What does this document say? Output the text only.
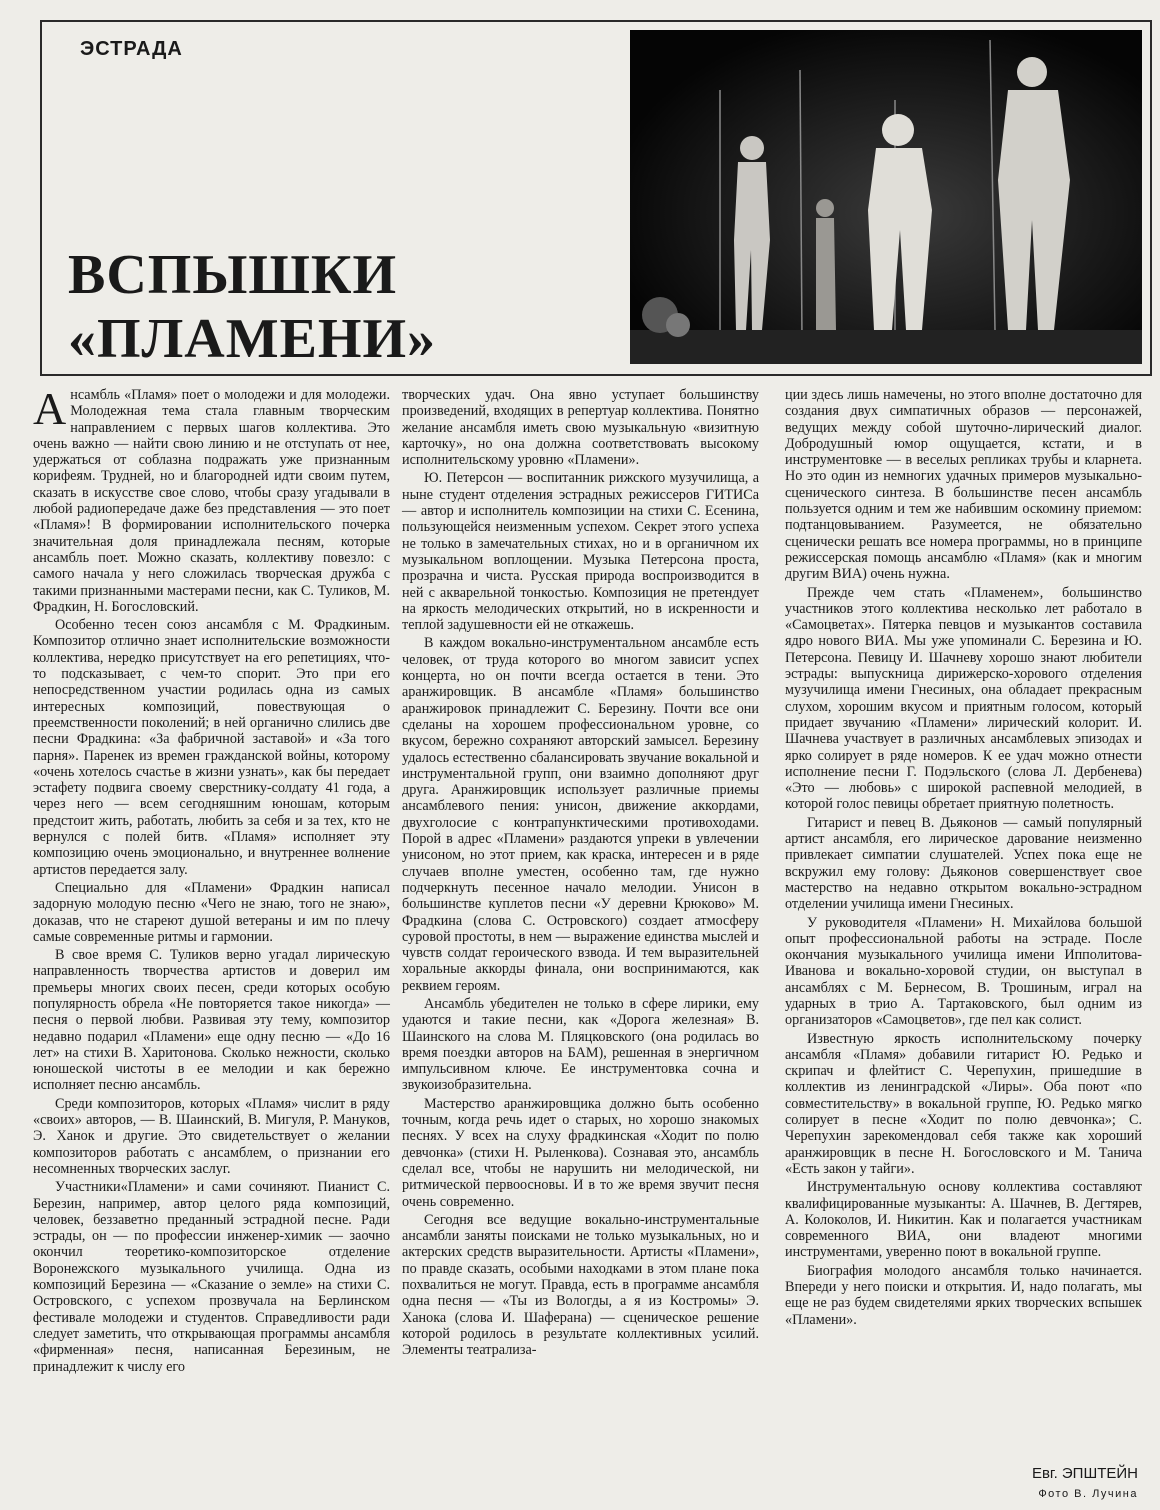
ЭСТРАДА
ВСПЫШКИ
«ПЛАМЕНИ»

Ансамбль «Пламя» поет о молодежи и для молодежи. Молодежная тема стала главным творческим направлением с первых шагов коллектива. Это очень важно — найти свою линию и не отступать от нее, удержаться от соблазна подражать уже признанным корифеям. Трудней, но и благородней идти своим путем, сказать в искусстве свое слово, чтобы сразу угадывали в любой радиопередаче даже без представления — это поет «Пламя»! В формировании исполнительского почерка значительная доля принадлежала песням, которые ансамбль поет. Можно сказать, коллективу повезло: с самого начала у него сложилась творческая дружба с такими признанными мастерами песни, как С. Туликов, М. Фрадкин, Н. Богословский.

Особенно тесен союз ансамбля с М. Фрадкиным. Композитор отлично знает исполнительские возможности коллектива, нередко присутствует на его репетициях, что-то подсказывает, с чем-то спорит. Это при его непосредственном участии родилась одна из самых интересных композиций, повествующая о преемственности поколений; в ней органично слились две песни Фрадкина: «За фабричной заставой» и «За того парня». Паренек из времен гражданской войны, которому «очень хотелось счастье в жизни узнать», как бы передает эстафету подвига своему сверстнику-солдату 41 года, а через него — всем сегодняшним юношам, которым предстоит жить, работать, любить за себя и за тех, кто не вернулся с полей битв. «Пламя» исполняет эту композицию очень эмоционально, и внутреннее волнение артистов передается залу.

Специально для «Пламени» Фрадкин написал задорную молодую песню «Чего не знаю, того не знаю», доказав, что не стареют душой ветераны и им по плечу самые современные ритмы и гармонии.

В свое время С. Туликов верно угадал лирическую направленность творчества артистов и доверил им премьеры многих своих песен, среди которых особую популярность обрела «Не повторяется такое никогда» — песня о первой любви. Развивая эту тему, композитор недавно подарил «Пламени» еще одну песню — «До 16 лет» на стихи В. Харитонова. Сколько нежности, сколько юношеской чистоты в ее мелодии и как бережно исполняет песню ансамбль.

Среди композиторов, которых «Пламя» числит в ряду «своих» авторов, — В. Шаинский, В. Мигуля, Р. Мануков, Э. Ханок и другие. Это свидетельствует о желании композиторов работать с ансамблем, о признании его несомненных творческих заслуг.

Участники«Пламени» и сами сочиняют. Пианист С. Березин, например, автор целого ряда композиций, человек, беззаветно преданный эстрадной песне. Ради эстрады, он — по профессии инженер-химик — заочно окончил теоретико-композиторское отделение Воронежского музыкального училища. Одна из композиций Березина — «Сказание о земле» на стихи С. Островского, с успехом прозвучала на Берлинском фестивале молодежи и студентов. Справедливости ради следует заметить, что открывающая программы ансамбля «фирменная» песня, написанная Березиным, не принадлежит к числу его

творческих удач. Она явно уступает большинству произведений, входящих в репертуар коллектива. Понятно желание ансамбля иметь свою музыкальную «визитную карточку», но она должна соответствовать высокому исполнительскому уровню «Пламени».

Ю. Петерсон — воспитанник рижского музучилища, а ныне студент отделения эстрадных режиссеров ГИТИСа — автор и исполнитель композиции на стихи С. Есенина, пользующейся неизменным успехом. Секрет этого успеха не только в замечательных стихах, но и в органичном их музыкальном воплощении. Музыка Петерсона проста, прозрачна и чиста. Русская природа воспроизводится в ней с акварельной тонкостью. Композиция не претендует на яркость мелодических открытий, но в искренности и теплой задушевности ей не откажешь.

В каждом вокально-инструментальном ансамбле есть человек, от труда которого во многом зависит успех концерта, но он почти всегда остается в тени. Это аранжировщик. В ансамбле «Пламя» большинство аранжировок принадлежит С. Березину. Почти все они сделаны на хорошем профессиональном уровне, со вкусом, бережно сохраняют авторский замысел. Березину удалось естественно сбалансировать звучание вокальной и инструментальной групп, они взаимно дополняют друг друга. Аранжировщик использует различные приемы ансамблевого пения: унисон, движение аккордами, двухголосие с контрапунктическими противоходами. Порой в адрес «Пламени» раздаются упреки в увлечении унисоном, но этот прием, как краска, интересен и в ряде случаев вполне уместен, особенно там, где нужно подчеркнуть песенное начало мелодии. Унисон в большинстве куплетов песни «У деревни Крюково» М. Фрадкина (слова С. Островского) создает атмосферу суровой простоты, в нем — выражение единства мыслей и чувств солдат героического взвода. И тем выразительней хоральные аккорды финала, они воспринимаются, как реквием героям.

Ансамбль убедителен не только в сфере лирики, ему удаются и такие песни, как «Дорога железная» В. Шаинского на слова М. Пляцковского (она родилась во время поездки авторов на БАМ), решенная в энергичном импульсивном ключе. Ее инструментовка сочна и звукоизобразительна.

Мастерство аранжировщика должно быть особенно точным, когда речь идет о старых, но хорошо знакомых песнях. У всех на слуху фрадкинская «Ходит по полю девчонка» (стихи Н. Рыленкова). Сознавая это, ансамбль сделал все, чтобы не нарушить ни мелодической, ни ритмической первоосновы. И в то же время звучит песня очень современно.

Сегодня все ведущие вокально-инструментальные ансамбли заняты поисками не только музыкальных, но и актерских средств выразительности. Артисты «Пламени», по правде сказать, особыми находками в этом плане пока похвалиться не могут. Правда, есть в программе ансамбля одна песня — «Ты из Вологды, а я из Костромы» Э. Ханока (слова И. Шаферана) — сценическое решение которой родилось в результате коллективных усилий. Элементы театрализа-

ции здесь лишь намечены, но этого вполне достаточно для создания двух симпатичных образов — персонажей, ведущих между собой шуточно-лирический диалог. Добродушный юмор ощущается, кстати, и в инструментовке — в веселых репликах трубы и кларнета. Но это один из немногих удачных примеров музыкально-сценического синтеза. В большинстве песен ансамбль пользуется одним и тем же набившим оскомину приемом: подтанцовыванием. Разумеется, не обязательно сценически решать все номера программы, но в принципе режиссерская помощь ансамблю «Пламя» (как и многим другим ВИА) очень нужна.

Прежде чем стать «Пламенем», большинство участников этого коллектива несколько лет работало в «Самоцветах». Пятерка певцов и музыкантов составила ядро нового ВИА. Мы уже упоминали С. Березина и Ю. Петерсона. Певицу И. Шачневу хорошо знают любители эстрады: выпускница дирижерско-хорового отделения музучилища имени Гнесиных, она обладает прекрасным слухом, хорошим вкусом и приятным голосом, который придает звучанию «Пламени» лирический колорит. И. Шачнева участвует в различных ансамблевых эпизодах и ярко солирует в ряде номеров. К ее удач можно отнести исполнение песни Г. Подэльского (слова Л. Дербенева) «Это — любовь» с широкой распевной мелодией, в которой голос певицы обретает приятную полетность.

Гитарист и певец В. Дьяконов — самый популярный артист ансамбля, его лирическое дарование неизменно привлекает симпатии слушателей. Успех пока еще не вскружил ему голову: Дьяконов совершенствует свое мастерство на недавно открытом вокально-эстрадном отделении училища имени Гнесиных.

У руководителя «Пламени» Н. Михайлова большой опыт профессиональной работы на эстраде. После окончания музыкального училища имени Ипполитова-Иванова и вокально-хоровой студии, он выступал в ансамблях с М. Бернесом, В. Трошиным, играл на ударных в трио А. Тартаковского, был одним из организаторов «Самоцветов», где пел как солист.

Известную яркость исполнительскому почерку ансамбля «Пламя» добавили гитарист Ю. Редько и скрипач и флейтист С. Черепухин, пришедшие в коллектив из ленинградской «Лиры». Оба поют «по совместительству» в вокальной группе, Ю. Редько мягко солирует в песне «Ходит по полю девчонка»; С. Черепухин зарекомендовал себя также как хороший аранжировщик в песне Н. Богословского и М. Танича «Есть закон у тайги».

Инструментальную основу коллектива составляют квалифицированные музыканты: А. Шачнев, В. Дегтярев, А. Колоколов, И. Никитин. Как и полагается участникам современного ВИА, они владеют многими инструментами, уверенно поют в вокальной группе.

Биография молодого ансамбля только начинается. Впереди у него поиски и открытия. И, надо полагать, мы еще не раз будем свидетелями ярких творческих вспышек «Пламени».

Евг. ЭПШТЕЙН
Фото В. Лучина
